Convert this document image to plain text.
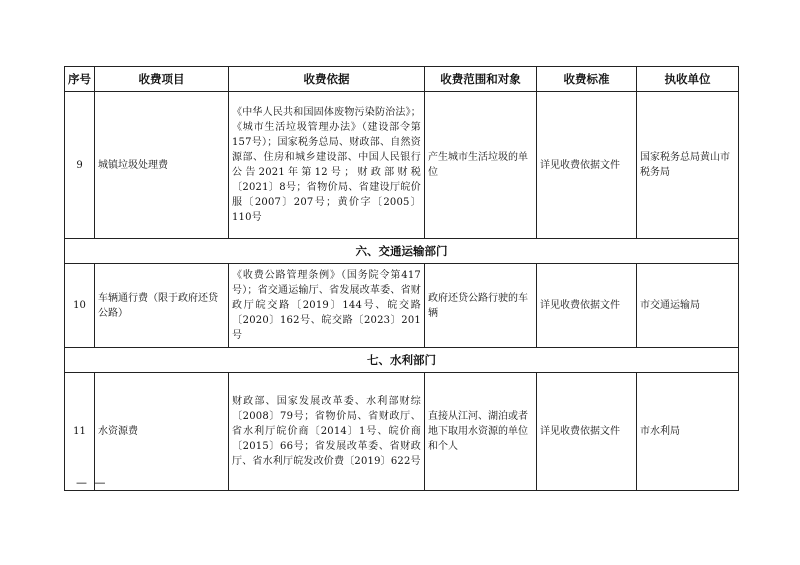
序号	收费项目	收费依据	收费范围和对象	收费标准	执收单位
9	城镇垃圾处理费	《中华人民共和国固体废物污染防治法》；《城市生活垃圾管理办法》（建设部令第157号）；国家税务总局、财政部、自然资源部、住房和城乡建设部、中国人民银行公告2021年第12号；财政部财税〔2021〕8号；省物价局、省建设厅皖价服〔2007〕207号；黄价字〔2005〕110号	产生城市生活垃圾的单位	详见收费依据文件	国家税务总局黄山市税务局
六、交通运输部门					
10	车辆通行费（限于政府还贷公路）	《收费公路管理条例》（国务院令第417号）；省交通运输厅、省发展改革委、省财政厅皖交路〔2019〕144号、皖交路〔2020〕162号、皖交路〔2023〕201号	政府还贷公路行驶的车辆	详见收费依据文件	市交通运输局
七、水利部门					
11	水资源费	财政部、国家发展改革委、水利部财综〔2008〕79号；省物价局、省财政厅、省水利厅皖价商〔2014〕1号、皖价商〔2015〕66号；省发展改革委、省财政厅、省水利厅皖发改价费〔2019〕622号	直接从江河、湖泊或者地下取用水资源的单位和个人	详见收费依据文件	市水利局
— —
